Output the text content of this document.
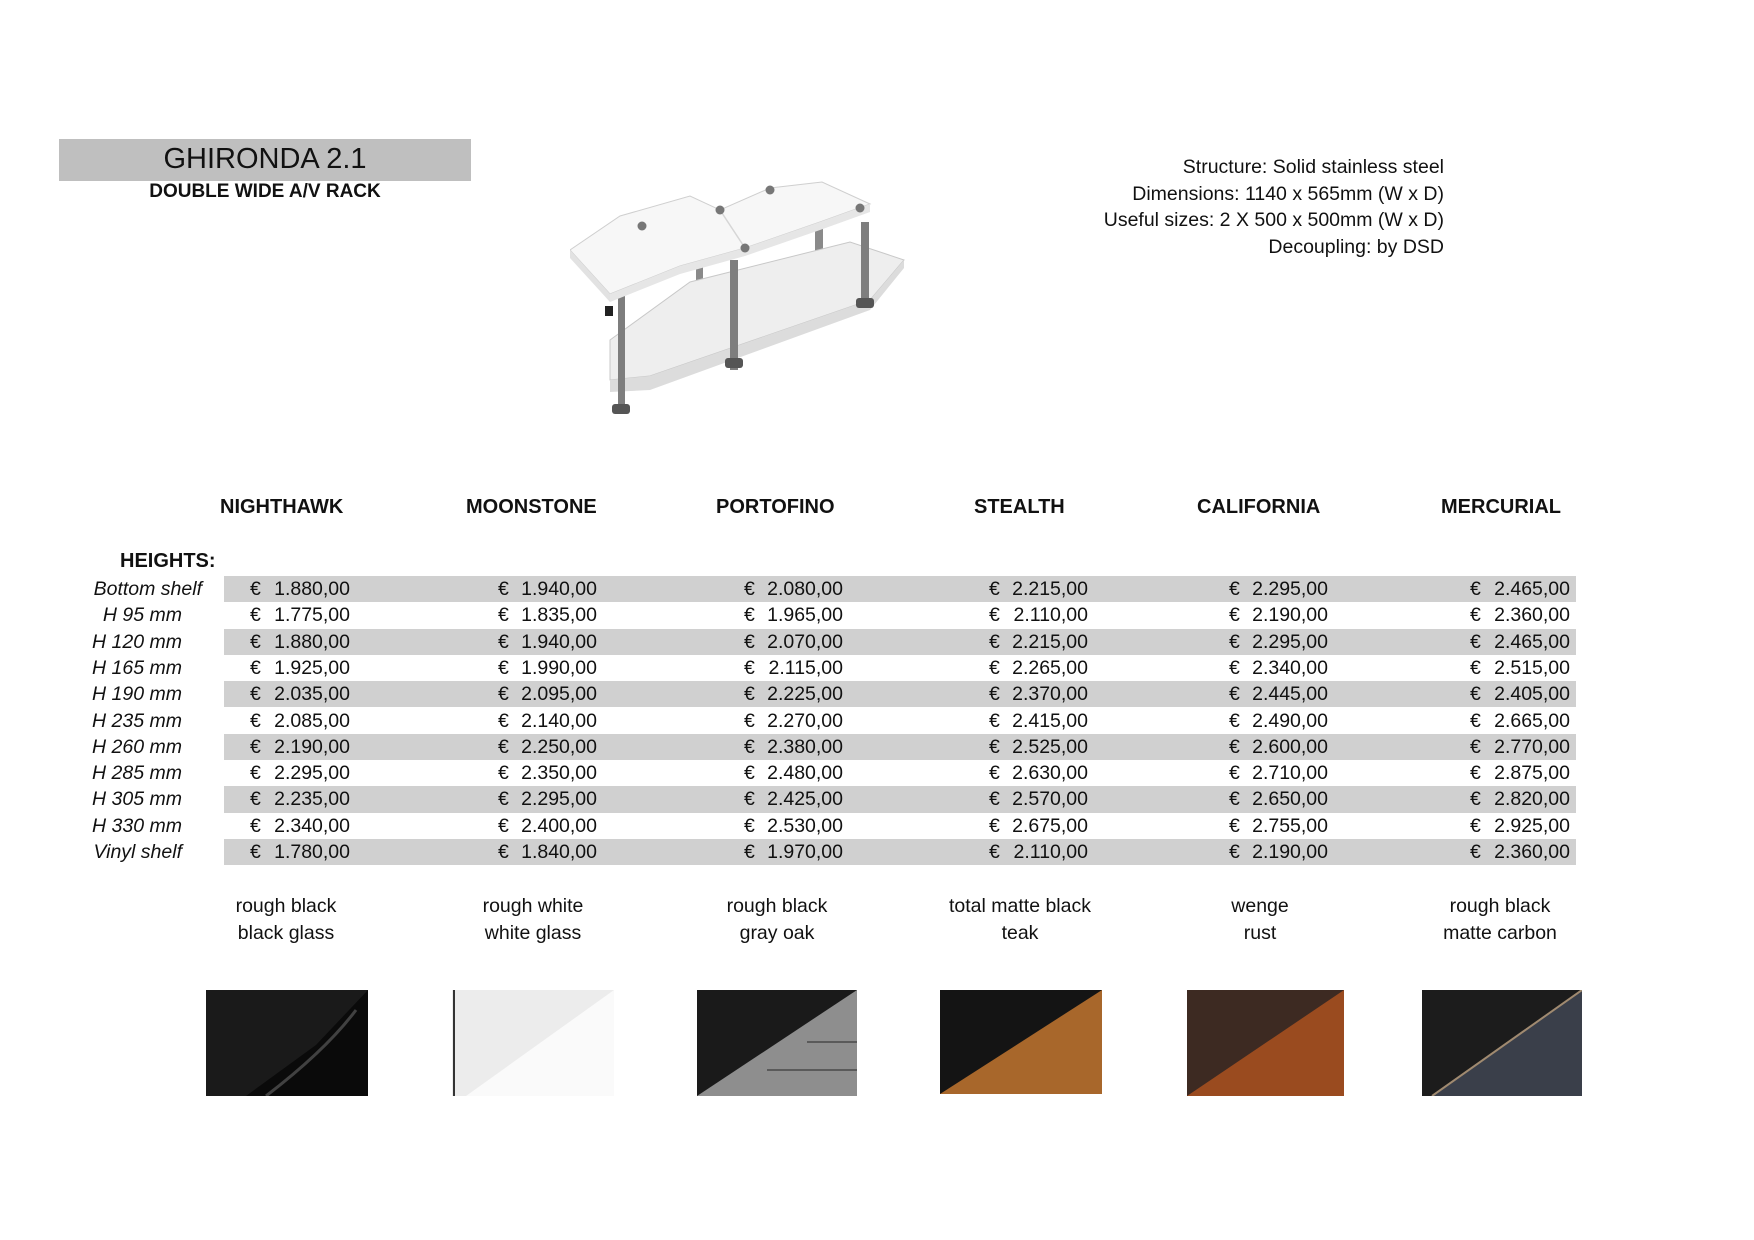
GHIRONDA 2.1
DOUBLE WIDE A/V RACK
Structure: Solid stainless steel
Dimensions: 1140 x 565mm (W x D)
Useful sizes: 2 X 500 x 500mm (W x D)
Decoupling: by DSD
NIGHTHAWK	MOONSTONE	PORTOFINO	STEALTH	CALIFORNIA	MERCURIAL
HEIGHTS:
Bottom shelf € 1.880,00	€ 1.940,00	€ 2.080,00	€ 2.215,00	€ 2.295,00	€ 2.465,00
H 95 mm	€ 1.775,00	€ 1.835,00	€ 1.965,00	€ 2.110,00	€ 2.190,00	€ 2.360,00
H 120 mm	€ 1.880,00	€ 1.940,00	€ 2.070,00	€ 2.215,00	€ 2.295,00	€ 2.465,00
H 165 mm	€ 1.925,00	€ 1.990,00	€ 2.115,00	€ 2.265,00	€ 2.340,00	€ 2.515,00
H 190 mm	€ 2.035,00	€ 2.095,00	€ 2.225,00	€ 2.370,00	€ 2.445,00	€ 2.405,00
H 235 mm	€ 2.085,00	€ 2.140,00	€ 2.270,00	€ 2.415,00	€ 2.490,00	€ 2.665,00
H 260 mm	€ 2.190,00	€ 2.250,00	€ 2.380,00	€ 2.525,00	€ 2.600,00	€ 2.770,00
H 285 mm	€ 2.295,00	€ 2.350,00	€ 2.480,00	€ 2.630,00	€ 2.710,00	€ 2.875,00
H 305 mm	€ 2.235,00	€ 2.295,00	€ 2.425,00	€ 2.570,00	€ 2.650,00	€ 2.820,00
H 330 mm	€ 2.340,00	€ 2.400,00	€ 2.530,00	€ 2.675,00	€ 2.755,00	€ 2.925,00
Vinyl shelf	€ 1.780,00	€ 1.840,00	€ 1.970,00	€ 2.110,00	€ 2.190,00	€ 2.360,00
rough black
black glass
rough white
white glass
rough black
gray oak
total matte black
teak
wenge
rust
rough black
matte carbon
